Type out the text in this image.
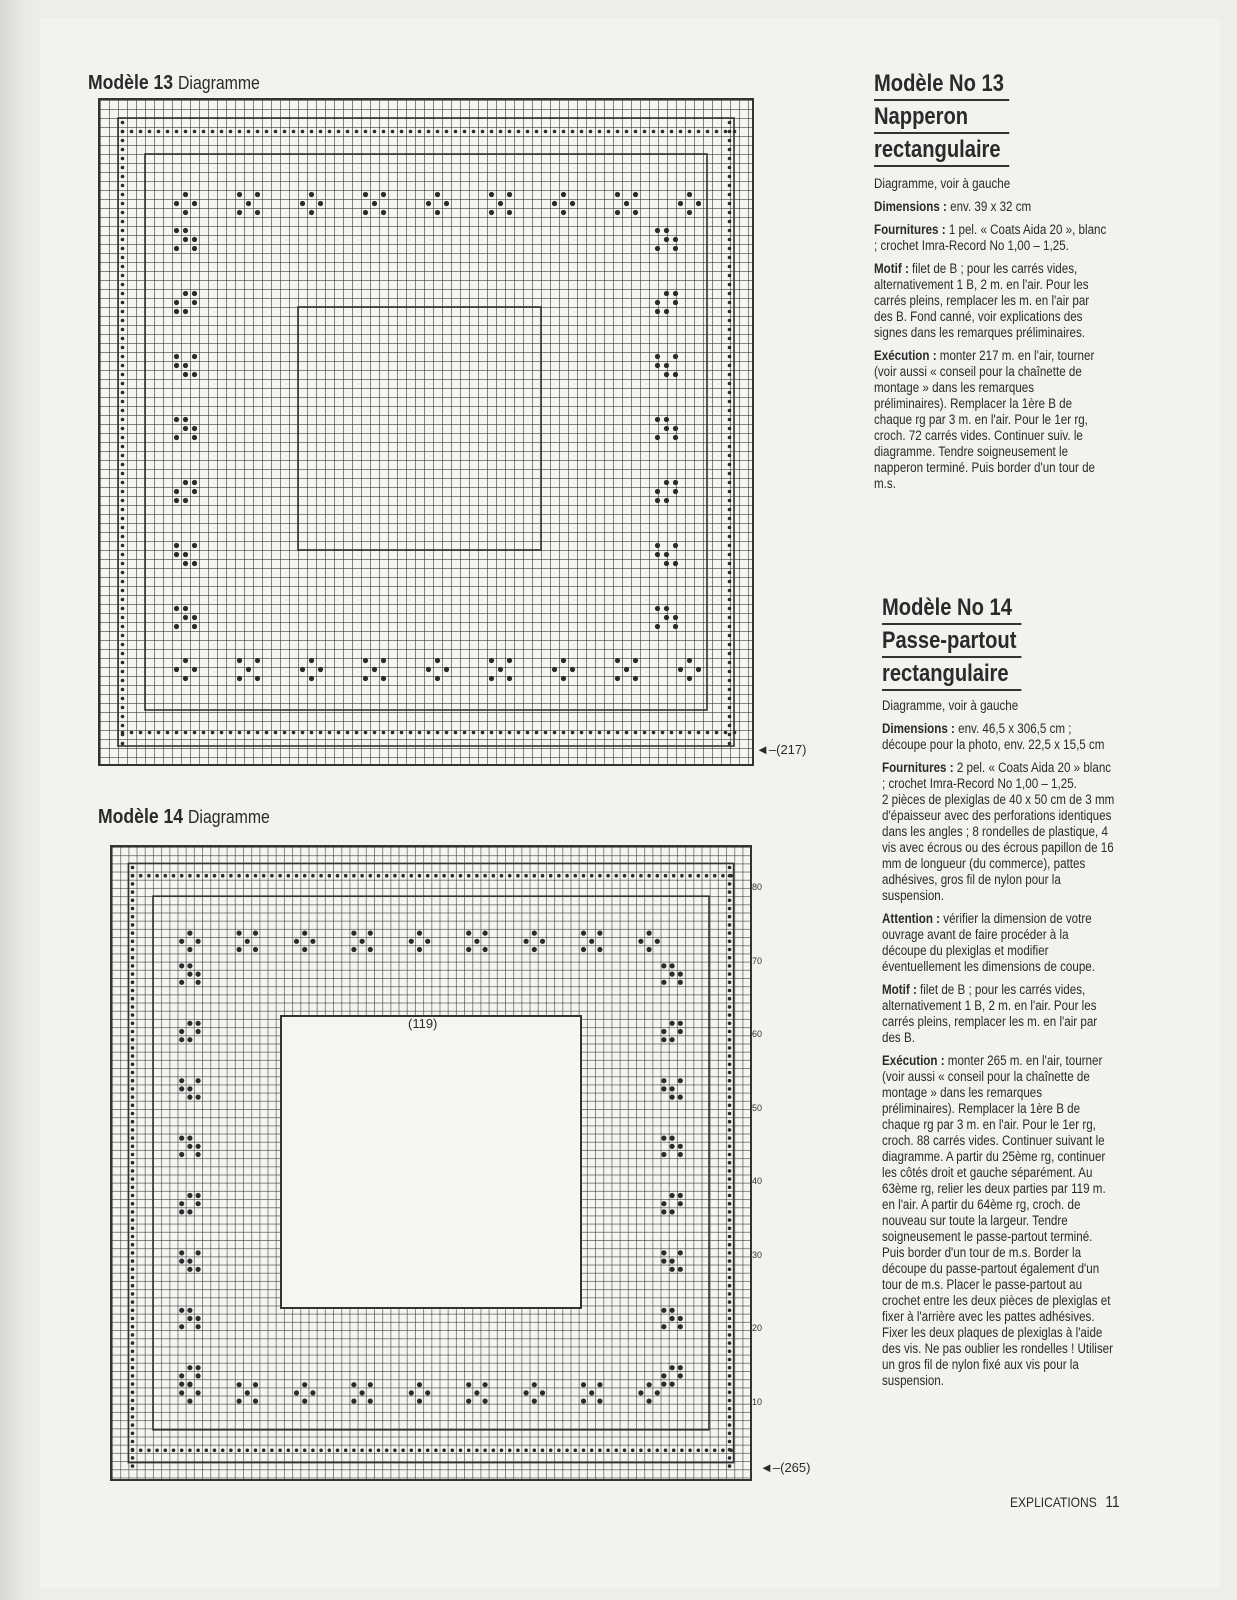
Modèle 13 Diagramme
◄–(217)
Modèle 14 Diagramme
(119)
◄–(265)
Modèle No 13
Napperon
rectangulaire

Diagramme, voir à gauche

Dimensions : env. 39 x 32 cm

Fournitures : 1 pel. « Coats Aida 20 », blanc ; crochet Imra-Record No 1,00 – 1,25.

Motif : filet de B ; pour les carrés vides, alternativement 1 B, 2 m. en l'air. Pour les carrés pleins, remplacer les m. en l'air par des B. Fond canné, voir explications des signes dans les remarques préliminaires.

Exécution : monter 217 m. en l'air, tourner (voir aussi « conseil pour la chaînette de montage » dans les remarques préliminaires). Remplacer la 1ère B de chaque rg par 3 m. en l'air. Pour le 1er rg, croch. 72 carrés vides. Continuer suiv. le diagramme. Tendre soigneusement le napperon terminé. Puis border d'un tour de m.s.

Modèle No 14
Passe-partout
rectangulaire

Diagramme, voir à gauche

Dimensions : env. 46,5 x 306,5 cm ; découpe pour la photo, env. 22,5 x 15,5 cm

Fournitures : 2 pel. « Coats Aida 20 » blanc ; crochet Imra-Record No 1,00 – 1,25.

2 pièces de plexiglas de 40 x 50 cm de 3 mm d'épaisseur avec des perforations identiques dans les angles ; 8 rondelles de plastique, 4 vis avec écrous ou des écrous papillon de 16 mm de longueur (du commerce), pattes adhésives, gros fil de nylon pour la suspension.

Attention : vérifier la dimension de votre ouvrage avant de faire procéder à la découpe du plexiglas et modifier éventuellement les dimensions de coupe.

Motif : filet de B ; pour les carrés vides, alternativement 1 B, 2 m. en l'air. Pour les carrés pleins, remplacer les m. en l'air par des B.

Exécution : monter 265 m. en l'air, tourner (voir aussi « conseil pour la chaînette de montage » dans les remarques préliminaires). Remplacer la 1ère B de chaque rg par 3 m. en l'air. Pour le 1er rg, croch. 88 carrés vides. Continuer suivant le diagramme. A partir du 25ème rg, continuer les côtés droit et gauche séparément. Au 63ème rg, relier les deux parties par 119 m. en l'air. A partir du 64ème rg, croch. de nouveau sur toute la largeur. Tendre soigneusement le passe-partout terminé. Puis border d'un tour de m.s. Border la découpe du passe-partout également d'un tour de m.s. Placer le passe-partout au crochet entre les deux pièces de plexiglas et fixer à l'arrière avec les pattes adhésives. Fixer les deux plaques de plexiglas à l'aide des vis. Ne pas oublier les rondelles ! Utiliser un gros fil de nylon fixé aux vis pour la suspension.

EXPLICATIONS 11
80
70
60
50
40
30
20
10
